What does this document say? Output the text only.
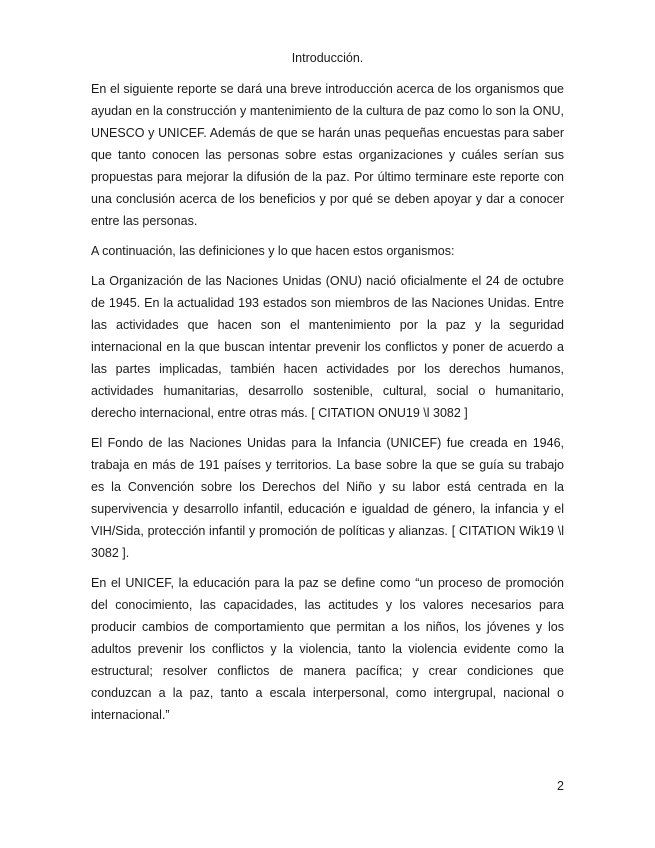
Introducción.

En el siguiente reporte se dará una breve introducción acerca de los organismos que ayudan en la construcción y mantenimiento de la cultura de paz como lo son la ONU, UNESCO y UNICEF. Además de que se harán unas pequeñas encuestas para saber que tanto conocen las personas sobre estas organizaciones y cuáles serían sus propuestas para mejorar la difusión de la paz. Por último terminare este reporte con una conclusión acerca de los beneficios y por qué se deben apoyar y dar a conocer entre las personas.

A continuación, las definiciones y lo que hacen estos organismos:

La Organización de las Naciones Unidas (ONU) nació oficialmente el 24 de octubre de 1945. En la actualidad 193 estados son miembros de las Naciones Unidas. Entre las actividades que hacen son el mantenimiento por la paz y la seguridad internacional en la que buscan intentar prevenir los conflictos y poner de acuerdo a las partes implicadas, también hacen actividades por los derechos humanos, actividades humanitarias, desarrollo sostenible, cultural, social o humanitario, derecho internacional, entre otras más. [ CITATION ONU19 \l 3082 ]

El Fondo de las Naciones Unidas para la Infancia (UNICEF) fue creada en 1946, trabaja en más de 191 países y territorios. La base sobre la que se guía su trabajo es la Convención sobre los Derechos del Niño y su labor está centrada en la supervivencia y desarrollo infantil, educación e igualdad de género, la infancia y el VIH/Sida, protección infantil y promoción de políticas y alianzas. [ CITATION Wik19 \l 3082 ].

En el UNICEF, la educación para la paz se define como “un proceso de promoción del conocimiento, las capacidades, las actitudes y los valores necesarios para producir cambios de comportamiento que permitan a los niños, los jóvenes y los adultos prevenir los conflictos y la violencia, tanto la violencia evidente como la estructural; resolver conflictos de manera pacífica; y crear condiciones que conduzcan a la paz, tanto a escala interpersonal, como intergrupal, nacional o internacional.”

2
